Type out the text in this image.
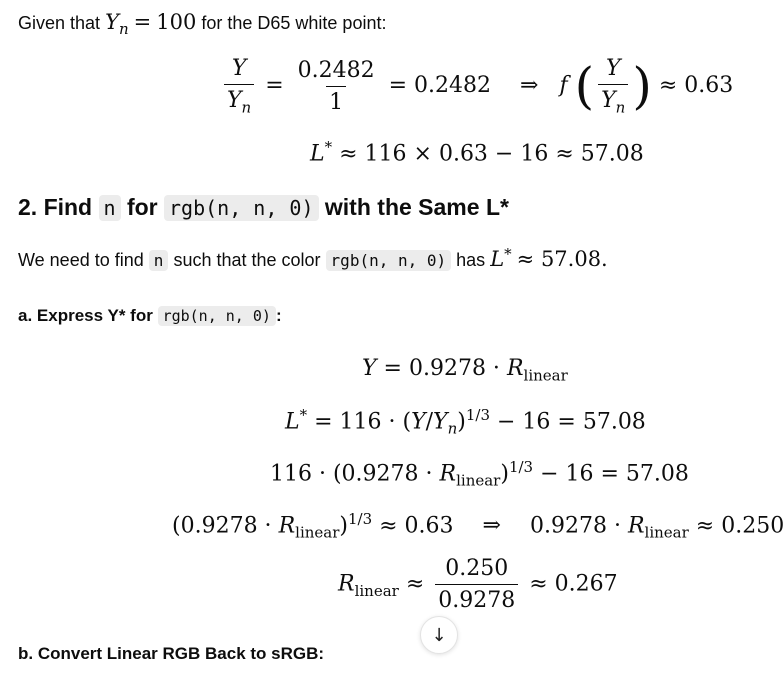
Given that $Y_n = 100$ for the D65 white point:
$\frac{Y}{Y_n} = \frac{0.2482}{1} = 0.2482$ ⇒ f ( $\frac{Y}{Y_n}$ ) ≈ 0.63
L* ≈ 116 × 0.63 − 16 ≈ 57.08
2. Find n for rgb(n, n, 0) with the Same L*
We need to find n such that the color rgb(n, n, 0) has L* ≈ 57.08.
a. Express Y* for rgb(n, n, 0) :
$Y = 0.9278 \cdot R_{linear}$
$L^* = 116 \cdot (Y/Y_n)^{1/3} - 16 = 57.08$
$116 \cdot (0.9278 \cdot R_{linear})^{1/3} - 16 = 57.08$
$(0.9278 \cdot R_{linear})^{1/3} \approx 0.63$ ⇒ $0.9278 \cdot R_{linear} \approx 0.250$
$R_{linear} \approx \frac{0.250}{0.9278} \approx 0.267$
↓
b. Convert Linear RGB Back to sRGB:
